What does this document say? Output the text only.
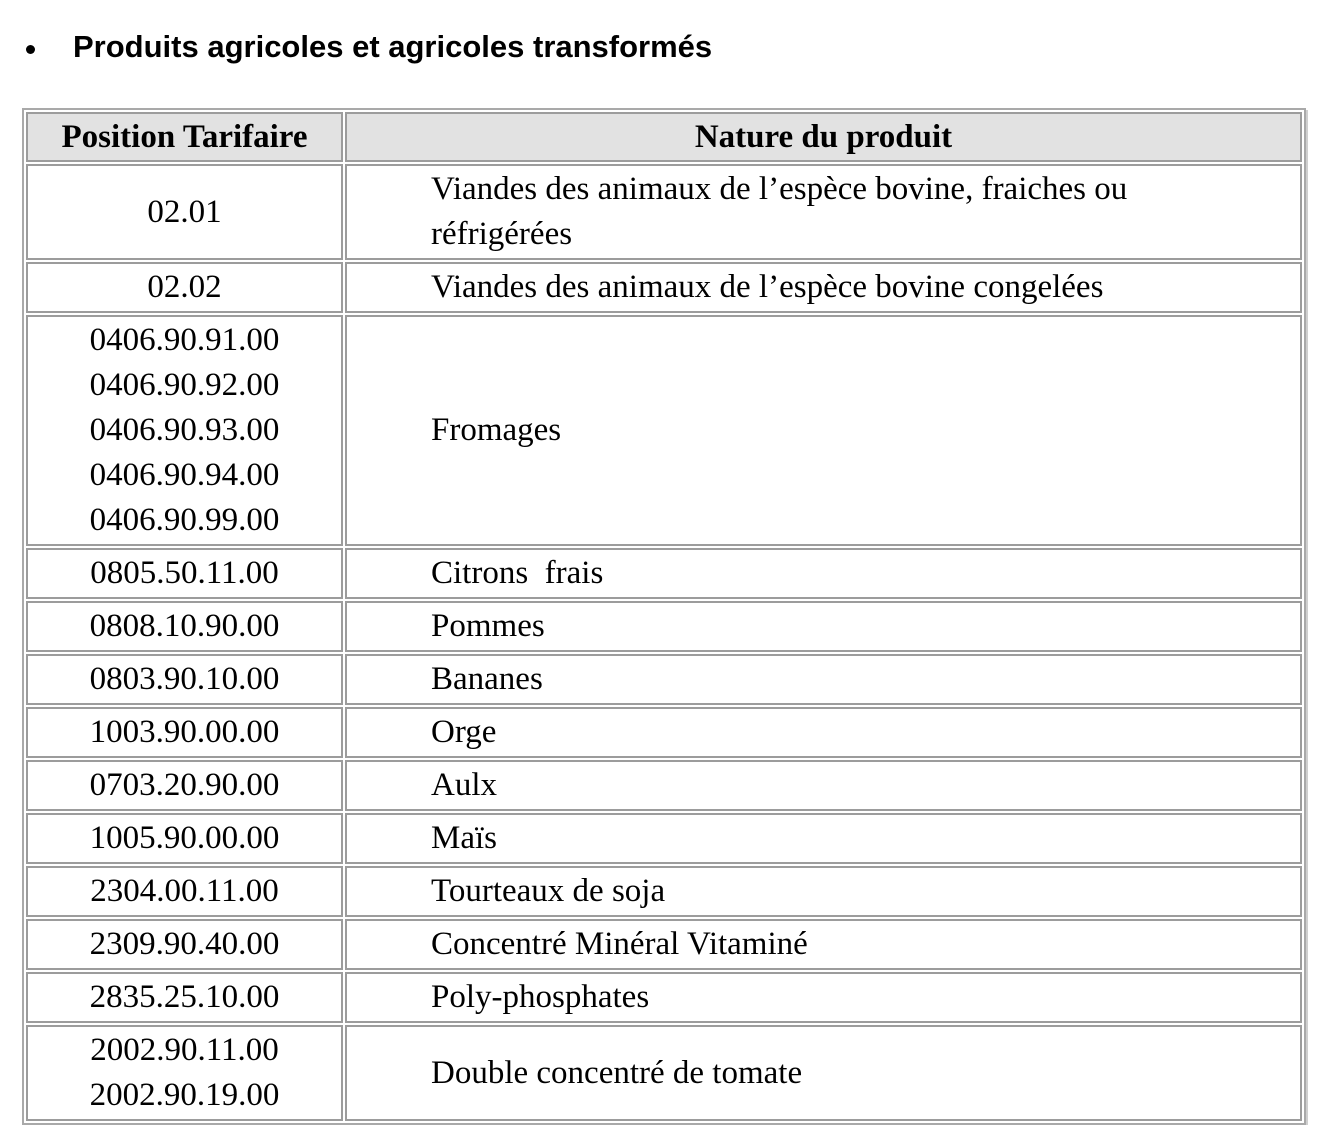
Produits agricoles et agricoles transformés
Position Tarifaire	Nature du produit

02.01	Viandes des animaux de l’espèce bovine, fraiches ou réfrigérées

02.02	Viandes des animaux de l’espèce bovine congelées

0406.90.91.00
0406.90.92.00
0406.90.93.00
0406.90.94.00
0406.90.99.00	Fromages

0805.50.11.00	Citrons  frais

0808.10.90.00	Pommes

0803.90.10.00	Bananes

1003.90.00.00	Orge

0703.20.90.00	Aulx

1005.90.00.00	Maïs

2304.00.11.00	Tourteaux de soja

2309.90.40.00	Concentré Minéral Vitaminé

2835.25.10.00	Poly-phosphates

2002.90.11.00
2002.90.19.00	Double concentré de tomate
